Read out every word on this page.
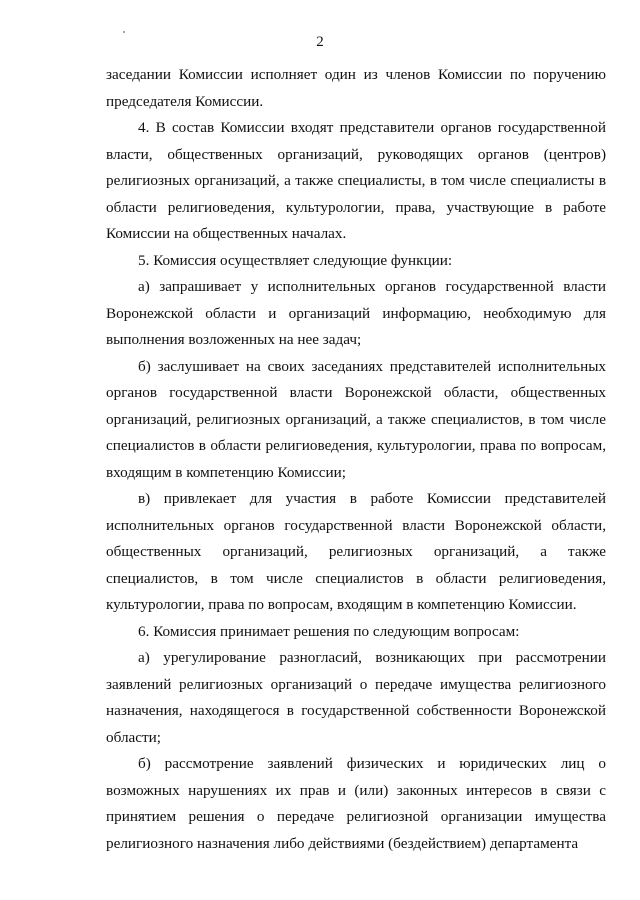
2

заседании Комиссии исполняет один из членов Комиссии по поручению председателя Комиссии.

4. В состав Комиссии входят представители органов государственной власти, общественных организаций, руководящих органов (центров) религиозных организаций, а также специалисты, в том числе специалисты в области религиоведения, культурологии, права, участвующие в работе Комиссии на общественных началах.

5. Комиссия осуществляет следующие функции:

а) запрашивает у исполнительных органов государственной власти Воронежской области и организаций информацию, необходимую для выполнения возложенных на нее задач;

б) заслушивает на своих заседаниях представителей исполнительных органов государственной власти Воронежской области, общественных организаций, религиозных организаций, а также специалистов, в том числе специалистов в области религиоведения, культурологии, права по вопросам, входящим в компетенцию Комиссии;

в) привлекает для участия в работе Комиссии представителей исполнительных органов государственной власти Воронежской области, общественных организаций, религиозных организаций, а также специалистов, в том числе специалистов в области религиоведения, культурологии, права по вопросам, входящим в компетенцию Комиссии.

6. Комиссия принимает решения по следующим вопросам:

а) урегулирование разногласий, возникающих при рассмотрении заявлений религиозных организаций о передаче имущества религиозного назначения, находящегося в государственной собственности Воронежской области;

б) рассмотрение заявлений физических и юридических лиц о возможных нарушениях их прав и (или) законных интересов в связи с принятием решения о передаче религиозной организации имущества религиозного назначения либо действиями (бездействием) департамента
